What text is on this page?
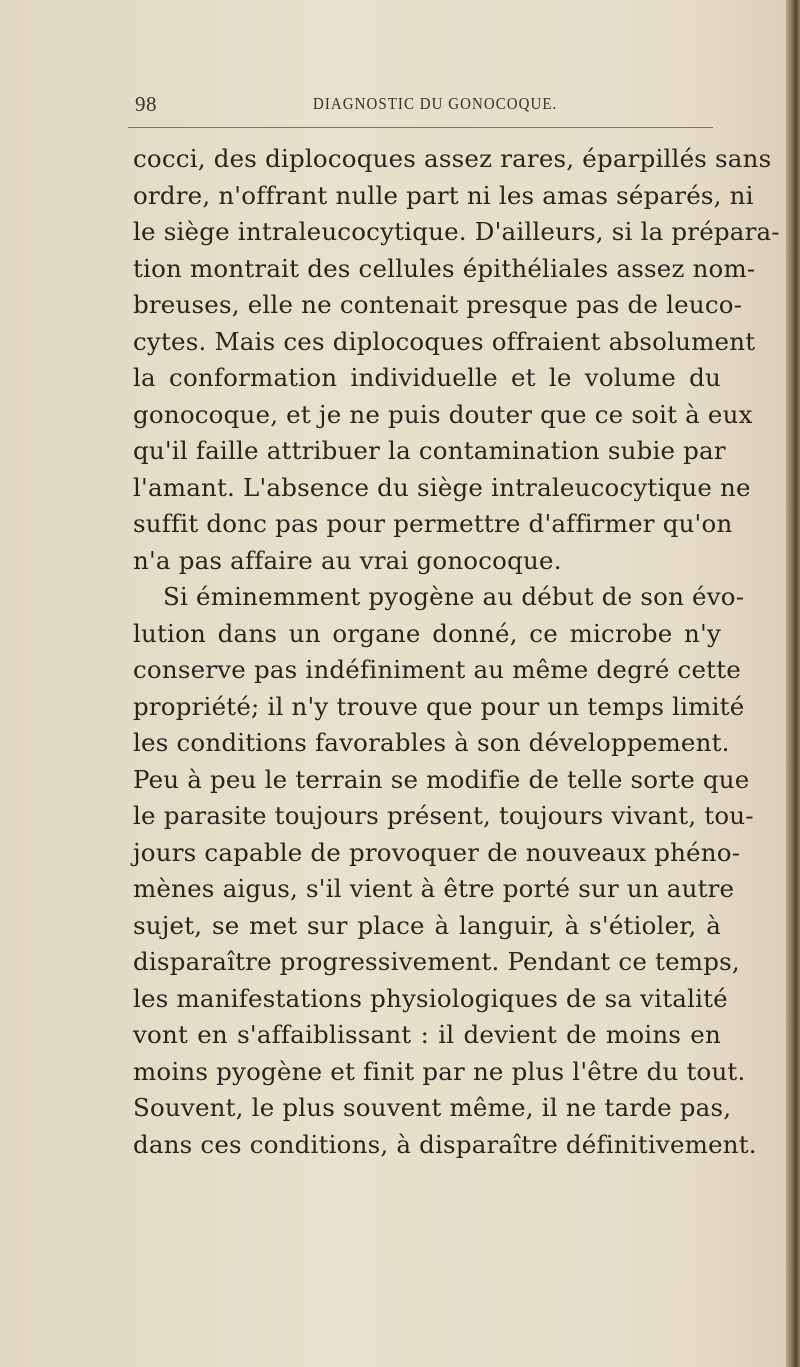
98	DIAGNOSTIC DU GONOCOQUE.
cocci, des diplocoques assez rares, éparpillés sans
ordre, n'offrant nulle part ni les amas séparés, ni
le siège intraleucocytique. D'ailleurs, si la prépara-
tion montrait des cellules épithéliales assez nom-
breuses, elle ne contenait presque pas de leuco-
cytes. Mais ces diplocoques offraient absolument
la conformation individuelle et le volume du
gonocoque, et je ne puis douter que ce soit à eux
qu'il faille attribuer la contamination subie par
l'amant. L'absence du siège intraleucocytique ne
suffit donc pas pour permettre d'affirmer qu'on
n'a pas affaire au vrai gonocoque.
Si éminemment pyogène au début de son évo-
lution dans un organe donné, ce microbe n'y
conserve pas indéfiniment au même degré cette
propriété; il n'y trouve que pour un temps limité
les conditions favorables à son développement.
Peu à peu le terrain se modifie de telle sorte que
le parasite toujours présent, toujours vivant, tou-
jours capable de provoquer de nouveaux phéno-
mènes aigus, s'il vient à être porté sur un autre
sujet, se met sur place à languir, à s'étioler, à
disparaître progressivement. Pendant ce temps,
les manifestations physiologiques de sa vitalité
vont en s'affaiblissant : il devient de moins en
moins pyogène et finit par ne plus l'être du tout.
Souvent, le plus souvent même, il ne tarde pas,
dans ces conditions, à disparaître définitivement.
